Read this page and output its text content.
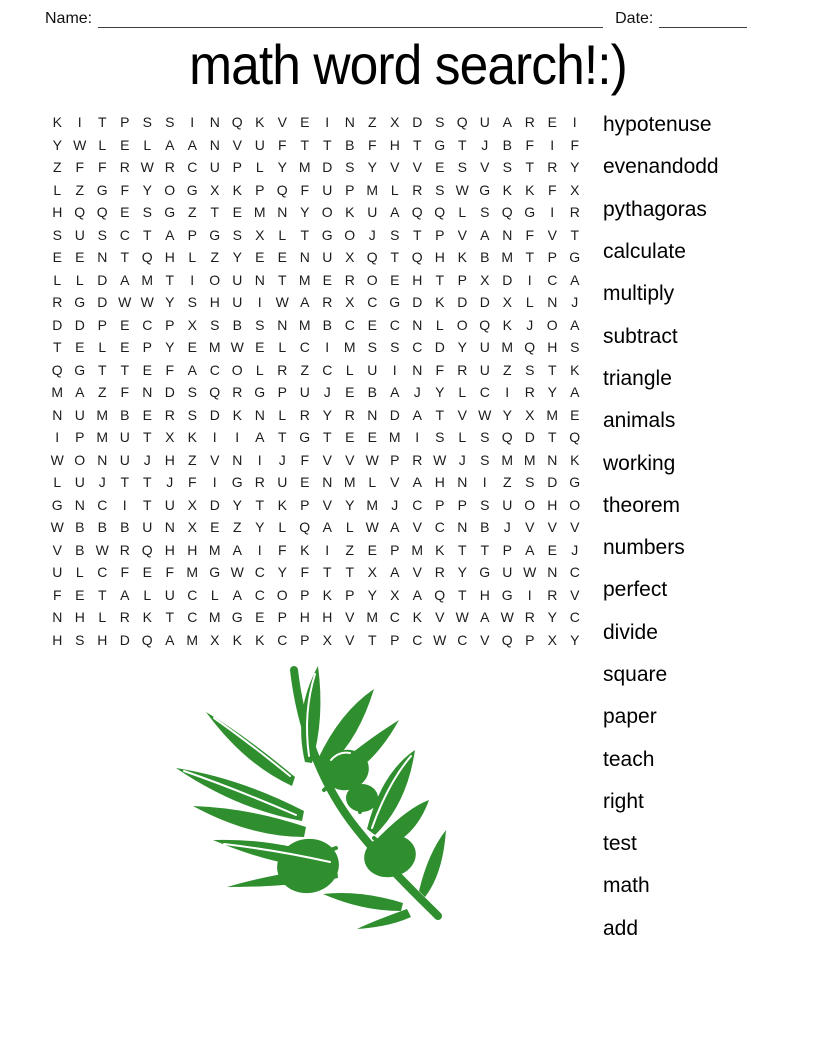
Name:	Date:
math word search!:)
K	I	T P S S	I	N Q K V E	I	N Z X D S Q U A R E	I
Y W L E L A A N V U F T T B F H T G T	J	B F	I	F
Z F F R W R C U P L Y M D S Y V V E S V S T R Y
L	Z G F Y O G X K P Q F U P M L R S W G K K F X
H Q Q E S G Z T E M N Y O K U A Q Q L S Q G	I	R
S U S C T A P G S X L	T G O J	S T P V A N F V T
E E N T Q H L	Z Y E E N U X Q T Q H K B M T P G
L	L D A M T	I	O U N T M E R O E H T P X D	I	C A
R G D W W Y S H U	I W A R X C G D K D D X L N J
D D P E C P X S B S N M B C E C N L O Q K	J O A
T E L E P Y E M W E L C	I	M S S C D Y U M Q H S
Q G T T E F A C O L R Z C L U	I	N F R U Z S T K
M A Z F N D S Q R G P U J	E B A	J	Y L C	I	R Y A
N U M B E R S D K N L R Y R N D A T V W Y X M E
I	P M U T X K	I	I	A T G T E E M	I	S L S Q D T Q
W O N U J H Z V N	I	J	F V V W P R W J	S M M N K
L U J	T T	J	F	I	G R U E N M L V A H N	I	Z S D G
G N C	I	T U X D Y T K P V Y M J C P P S U O H O
W B B B U N X E Z Y L Q A L W A V C N B	J	V V V
V B W R Q H H M A	I	F K	I	Z E P M K T T P A E	J
U L C F E F M G W C Y F T T X A V R Y G U W N C
F E T A L U C L A C O P K P Y X A Q T H G	I	R V
N H L R K T C M G E P H H V M C K V W A W R Y C
H S H D Q A M X K K C P X V T P C W C V Q P X Y
hypotenuse
evenandodd
pythagoras
calculate
multiply
subtract
triangle
animals
working
theorem
numbers
perfect
divide
square
paper
teach
right
test
math
add
